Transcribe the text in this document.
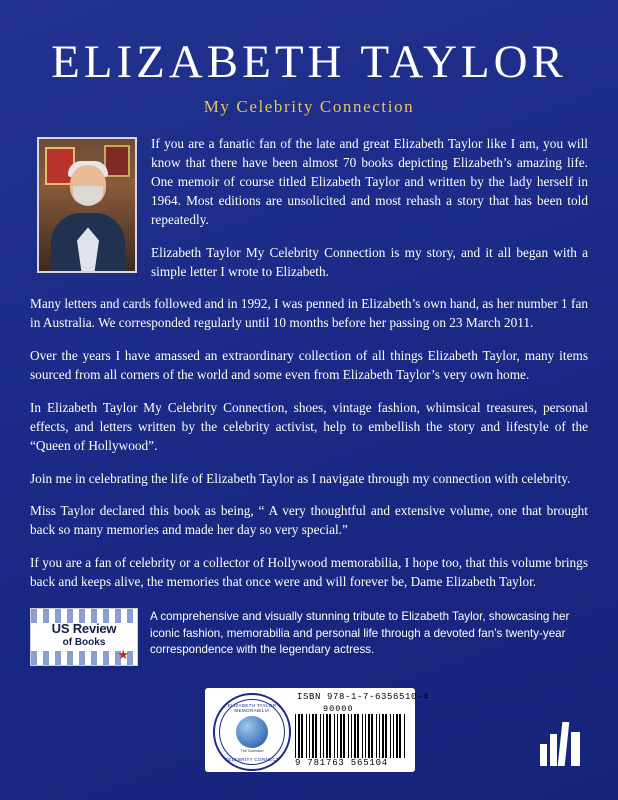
ELIZABETH TAYLOR
My Celebrity Connection

If you are a fanatic fan of the late and great Elizabeth Taylor like I am, you will know that there have been almost 70 books depicting Elizabeth’s amazing life. One memoir of course titled Elizabeth Taylor and written by the lady herself in 1964. Most editions are unsolicited and most rehash a story that has been told repeatedly.

Elizabeth Taylor My Celebrity Connection is my story, and it all began with a simple letter I wrote to Elizabeth.

Many letters and cards followed and in 1992, I was penned in Elizabeth’s own hand, as her number 1 fan in Australia. We corresponded regularly until 10 months before her passing on 23 March 2011.

Over the years I have amassed an extraordinary collection of all things Elizabeth Taylor, many items sourced from all corners of the world and some even from Elizabeth Taylor’s very own home.

In Elizabeth Taylor My Celebrity Connection, shoes, vintage fashion, whimsical treasures, personal effects, and letters written by the celebrity activist, help to embellish the story and lifestyle of the “Queen of Hollywood”.

Join me in celebrating the life of Elizabeth Taylor as I navigate through my connection with celebrity.

Miss Taylor declared this book as being, “ A very thoughtful and extensive volume, one that brought back so many memories and made her day so very special.”

If you are a fan of celebrity or a collector of Hollywood memorabilia, I hope too, that this volume brings back and keeps alive, the memories that once were and will forever be, Dame Elizabeth Taylor.

US Review
of Books
★
A comprehensive and visually stunning tribute to Elizabeth Taylor, showcasing her iconic fashion, memorabilia and personal life through a devoted fan’s twenty-year correspondence with the legendary actress.
ELIZABETH TAYLOR MEMORABILIA
The Collection
MY CELEBRITY CONNECTION
ISBN 978-1-7-6356510-4
90000
9 781763 565104
